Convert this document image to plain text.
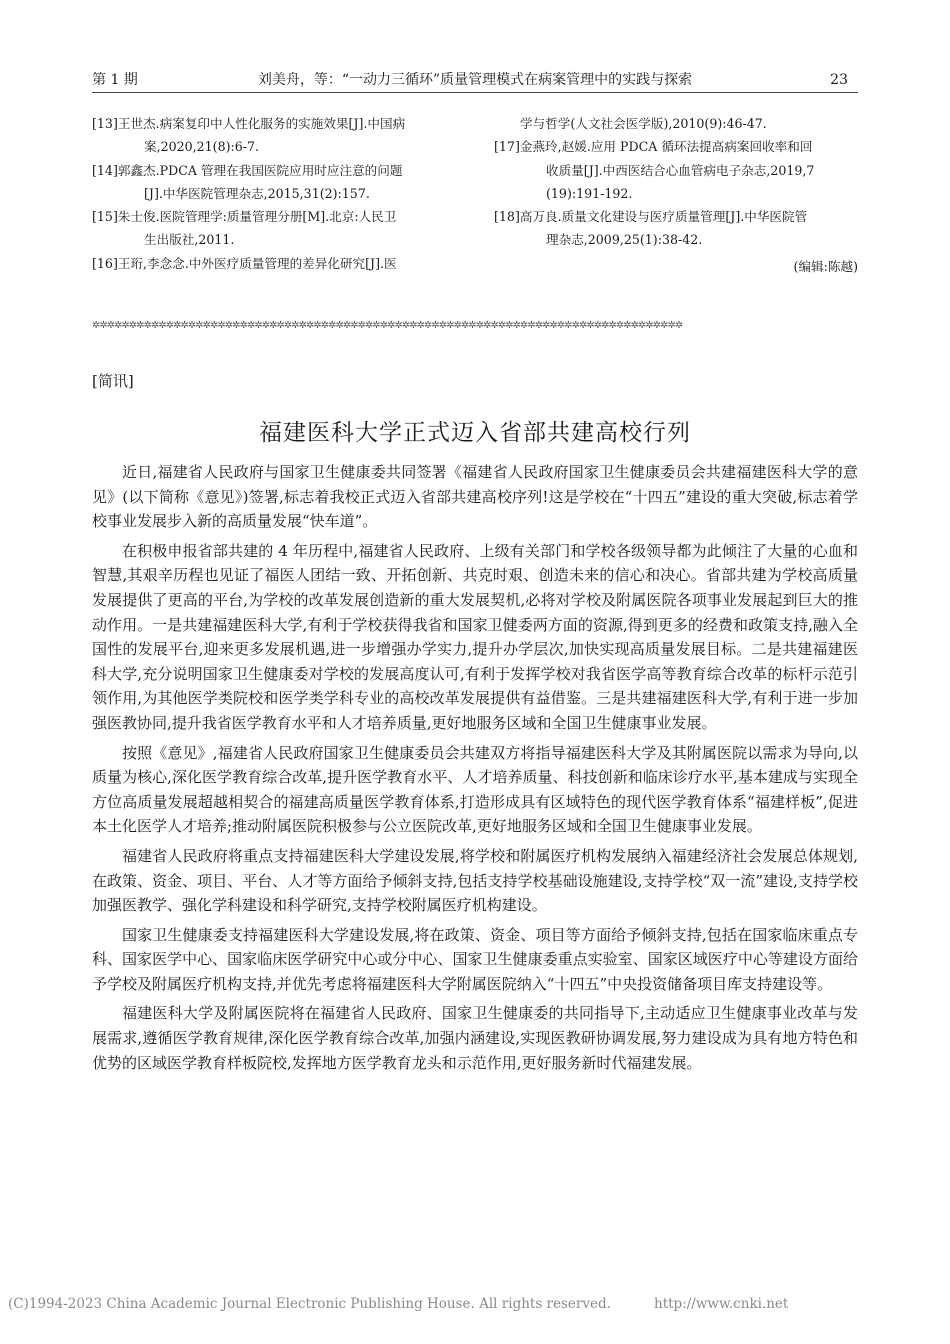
第 1 期	刘美舟，等：“一动力三循环”质量管理模式在病案管理中的实践与探索	23
[13]王世杰.病案复印中人性化服务的实施效果[J].中国病
案,2020,21(8):6-7.
[14]郭鑫杰.PDCA 管理在我国医院应用时应注意的问题
[J].中华医院管理杂志,2015,31(2):157.
[15]朱士俊.医院管理学:质量管理分册[M].北京:人民卫
生出版社,2011.
[16]王珩,李念念.中外医疗质量管理的差异化研究[J].医
学与哲学(人文社会医学版),2010(9):46-47.
[17]金燕玲,赵媛.应用 PDCA 循环法提高病案回收率和回
收质量[J].中西医结合心血管病电子杂志,2019,7
(19):191-192.
[18]高万良.质量文化建设与医疗质量管理[J].中华医院管
理杂志,2009,25(1):38-42.
(编辑:陈越)
✲✲✲✲✲✲✲✲✲✲✲✲✲✲✲✲✲✲✲✲✲✲✲✲✲✲✲✲✲✲✲✲✲✲✲✲✲✲✲✲✲✲✲✲✲✲✲✲✲✲✲✲✲✲✲✲✲✲✲✲✲✲✲✲✲✲✲✲✲✲✲✲✲✲✲✲✲✲✲✲
[简讯]
福建医科大学正式迈入省部共建高校行列

近日,福建省人民政府与国家卫生健康委共同签署《福建省人民政府国家卫生健康委员会共建福建医科大学的意见》(以下简称《意见》)签署,标志着我校正式迈入省部共建高校序列!这是学校在“十四五”建设的重大突破,标志着学校事业发展步入新的高质量发展“快车道”。

在积极申报省部共建的 4 年历程中,福建省人民政府、上级有关部门和学校各级领导都为此倾注了大量的心血和智慧,其艰辛历程也见证了福医人团结一致、开拓创新、共克时艰、创造未来的信心和决心。省部共建为学校高质量发展提供了更高的平台,为学校的改革发展创造新的重大发展契机,必将对学校及附属医院各项事业发展起到巨大的推动作用。一是共建福建医科大学,有利于学校获得我省和国家卫健委两方面的资源,得到更多的经费和政策支持,融入全国性的发展平台,迎来更多发展机遇,进一步增强办学实力,提升办学层次,加快实现高质量发展目标。二是共建福建医科大学,充分说明国家卫生健康委对学校的发展高度认可,有利于发挥学校对我省医学高等教育综合改革的标杆示范引领作用,为其他医学类院校和医学类学科专业的高校改革发展提供有益借鉴。三是共建福建医科大学,有利于进一步加强医教协同,提升我省医学教育水平和人才培养质量,更好地服务区域和全国卫生健康事业发展。

按照《意见》,福建省人民政府国家卫生健康委员会共建双方将指导福建医科大学及其附属医院以需求为导向,以质量为核心,深化医学教育综合改革,提升医学教育水平、人才培养质量、科技创新和临床诊疗水平,基本建成与实现全方位高质量发展超越相契合的福建高质量医学教育体系,打造形成具有区域特色的现代医学教育体系“福建样板”,促进本土化医学人才培养;推动附属医院积极参与公立医院改革,更好地服务区域和全国卫生健康事业发展。

福建省人民政府将重点支持福建医科大学建设发展,将学校和附属医疗机构发展纳入福建经济社会发展总体规划,在政策、资金、项目、平台、人才等方面给予倾斜支持,包括支持学校基础设施建设,支持学校“双一流”建设,支持学校加强医教学、强化学科建设和科学研究,支持学校附属医疗机构建设。

国家卫生健康委支持福建医科大学建设发展,将在政策、资金、项目等方面给予倾斜支持,包括在国家临床重点专科、国家医学中心、国家临床医学研究中心或分中心、国家卫生健康委重点实验室、国家区域医疗中心等建设方面给予学校及附属医疗机构支持,并优先考虑将福建医科大学附属医院纳入“十四五”中央投资储备项目库支持建设等。

福建医科大学及附属医院将在福建省人民政府、国家卫生健康委的共同指导下,主动适应卫生健康事业改革与发展需求,遵循医学教育规律,深化医学教育综合改革,加强内涵建设,实现医教研协调发展,努力建设成为具有地方特色和优势的区域医学教育样板院校,发挥地方医学教育龙头和示范作用,更好服务新时代福建发展。

(C)1994-2023 China Academic Journal Electronic Publishing House. All rights reserved.	http://www.cnki.net
